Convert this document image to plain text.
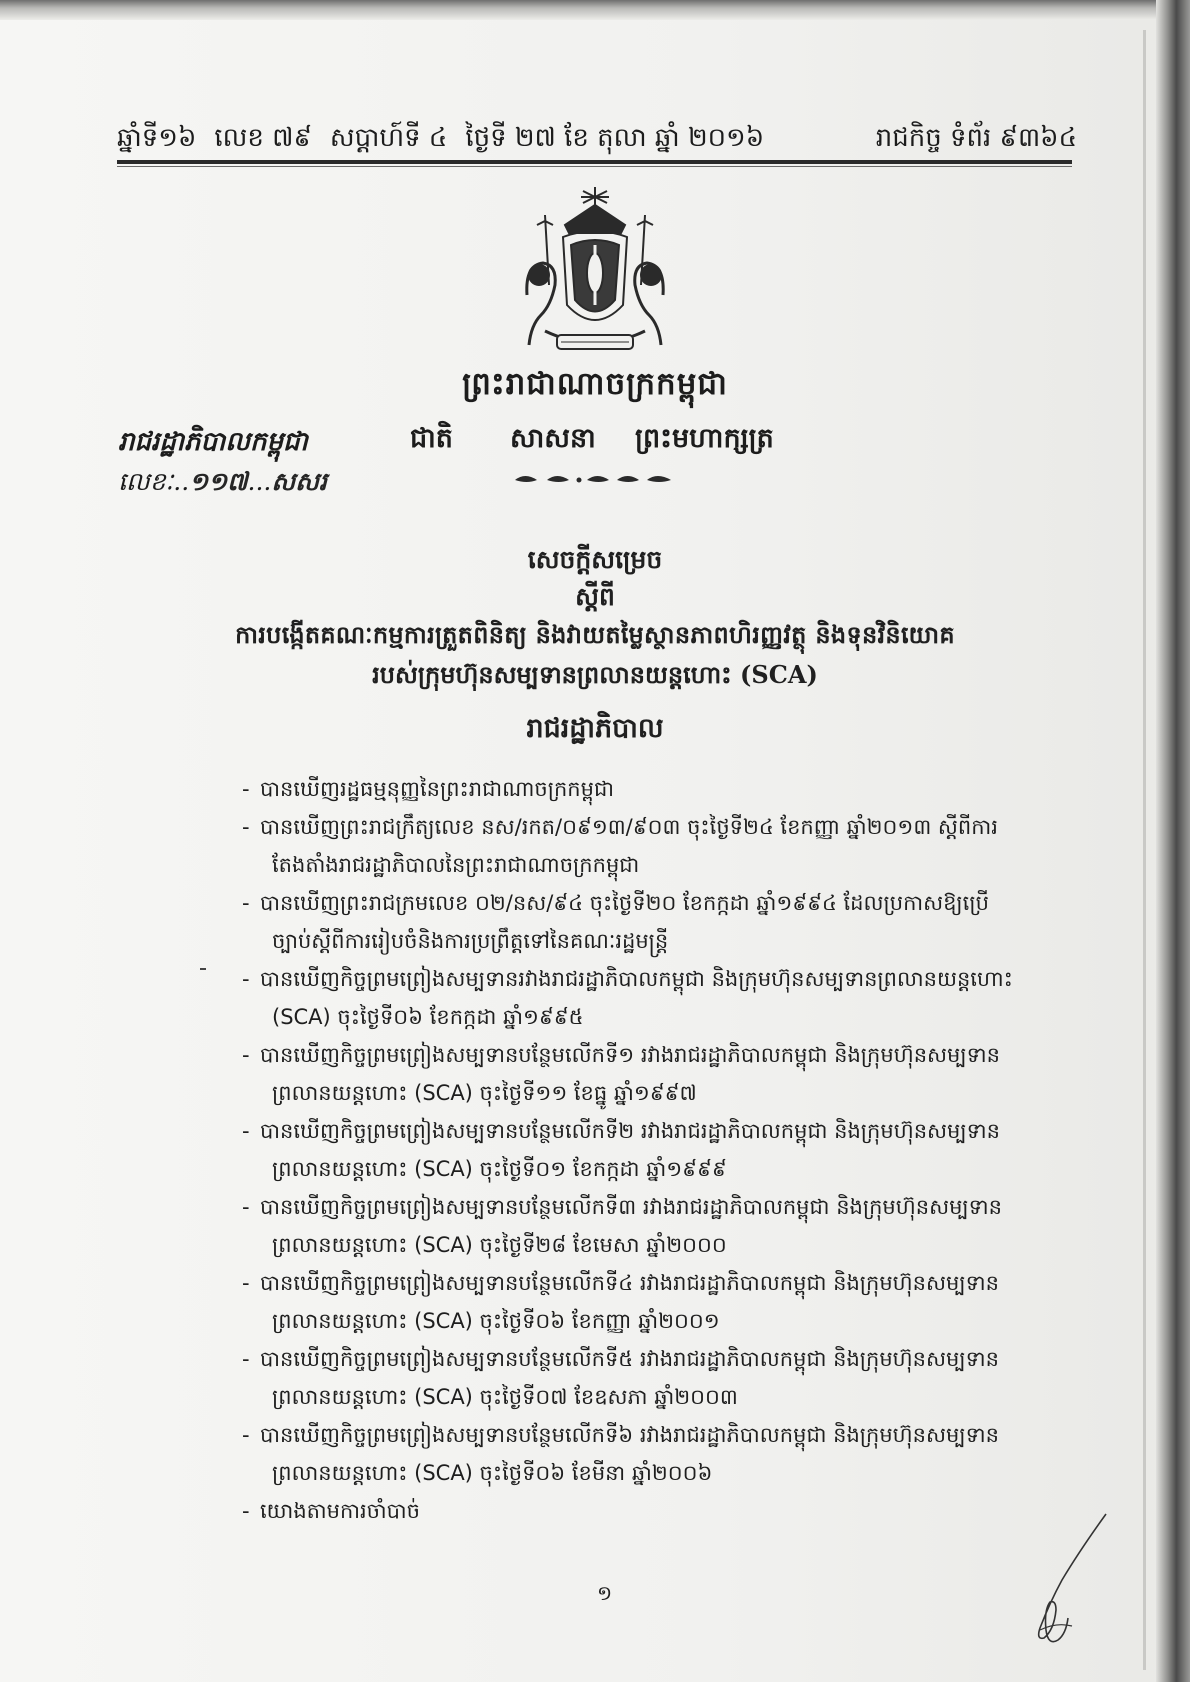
ឆ្នាំទី១៦ លេខ ៧៩ សប្តាហ៍ទី ៤ ថ្ងៃទី ២៧ ខែ តុលា ឆ្នាំ ២០១៦	រាជកិច្ច ទំព័រ ៩៣៦៤
ព្រះរាជាណាចក្រកម្ពុជា
ជាតិ សាសនា ព្រះមហាក្សត្រ
រាជរដ្ឋាភិបាលកម្ពុជា
លេខៈ..១១៧...សសរ
សេចក្តីសម្រេច
ស្តីពី
ការបង្កើតគណៈកម្មការត្រួតពិនិត្យ និងវាយតម្លៃស្ថានភាពហិរញ្ញវត្ថុ និងទុនវិនិយោគ
របស់ក្រុមហ៊ុនសម្បទានព្រលានយន្តហោះ (SCA)
រាជរដ្ឋាភិបាល
- បានឃើញរដ្ឋធម្មនុញ្ញនៃព្រះរាជាណាចក្រកម្ពុជា
- បានឃើញព្រះរាជក្រឹត្យលេខ នស/រកត/០៩១៣/៩០៣ ចុះថ្ងៃទី២៤ ខែកញ្ញា ឆ្នាំ២០១៣ ស្តីពីការ
តែងតាំងរាជរដ្ឋាភិបាលនៃព្រះរាជាណាចក្រកម្ពុជា
- បានឃើញព្រះរាជក្រមលេខ ០២/នស/៩៤ ចុះថ្ងៃទី២០ ខែកក្កដា ឆ្នាំ១៩៩៤ ដែលប្រកាសឱ្យប្រើ
ច្បាប់ស្តីពីការរៀបចំនិងការប្រព្រឹត្តទៅនៃគណៈរដ្ឋមន្ត្រី
- បានឃើញកិច្ចព្រមព្រៀងសម្បទានរវាងរាជរដ្ឋាភិបាលកម្ពុជា និងក្រុមហ៊ុនសម្បទានព្រលានយន្តហោះ
(SCA) ចុះថ្ងៃទី០៦ ខែកក្កដា ឆ្នាំ១៩៩៥
- បានឃើញកិច្ចព្រមព្រៀងសម្បទានបន្ថែមលើកទី១ រវាងរាជរដ្ឋាភិបាលកម្ពុជា និងក្រុមហ៊ុនសម្បទាន
ព្រលានយន្តហោះ (SCA) ចុះថ្ងៃទី១១ ខែធ្នូ ឆ្នាំ១៩៩៧
- បានឃើញកិច្ចព្រមព្រៀងសម្បទានបន្ថែមលើកទី២ រវាងរាជរដ្ឋាភិបាលកម្ពុជា និងក្រុមហ៊ុនសម្បទាន
ព្រលានយន្តហោះ (SCA) ចុះថ្ងៃទី០១ ខែកក្កដា ឆ្នាំ១៩៩៩
- បានឃើញកិច្ចព្រមព្រៀងសម្បទានបន្ថែមលើកទី៣ រវាងរាជរដ្ឋាភិបាលកម្ពុជា និងក្រុមហ៊ុនសម្បទាន
ព្រលានយន្តហោះ (SCA) ចុះថ្ងៃទី២៨ ខែមេសា ឆ្នាំ២០០០
- បានឃើញកិច្ចព្រមព្រៀងសម្បទានបន្ថែមលើកទី៤ រវាងរាជរដ្ឋាភិបាលកម្ពុជា និងក្រុមហ៊ុនសម្បទាន
ព្រលានយន្តហោះ (SCA) ចុះថ្ងៃទី០៦ ខែកញ្ញា ឆ្នាំ២០០១
- បានឃើញកិច្ចព្រមព្រៀងសម្បទានបន្ថែមលើកទី៥ រវាងរាជរដ្ឋាភិបាលកម្ពុជា និងក្រុមហ៊ុនសម្បទាន
ព្រលានយន្តហោះ (SCA) ចុះថ្ងៃទី០៧ ខែឧសភា ឆ្នាំ២០០៣
- បានឃើញកិច្ចព្រមព្រៀងសម្បទានបន្ថែមលើកទី៦ រវាងរាជរដ្ឋាភិបាលកម្ពុជា និងក្រុមហ៊ុនសម្បទាន
ព្រលានយន្តហោះ (SCA) ចុះថ្ងៃទី០៦ ខែមីនា ឆ្នាំ២០០៦
- យោងតាមការចាំបាច់
១
